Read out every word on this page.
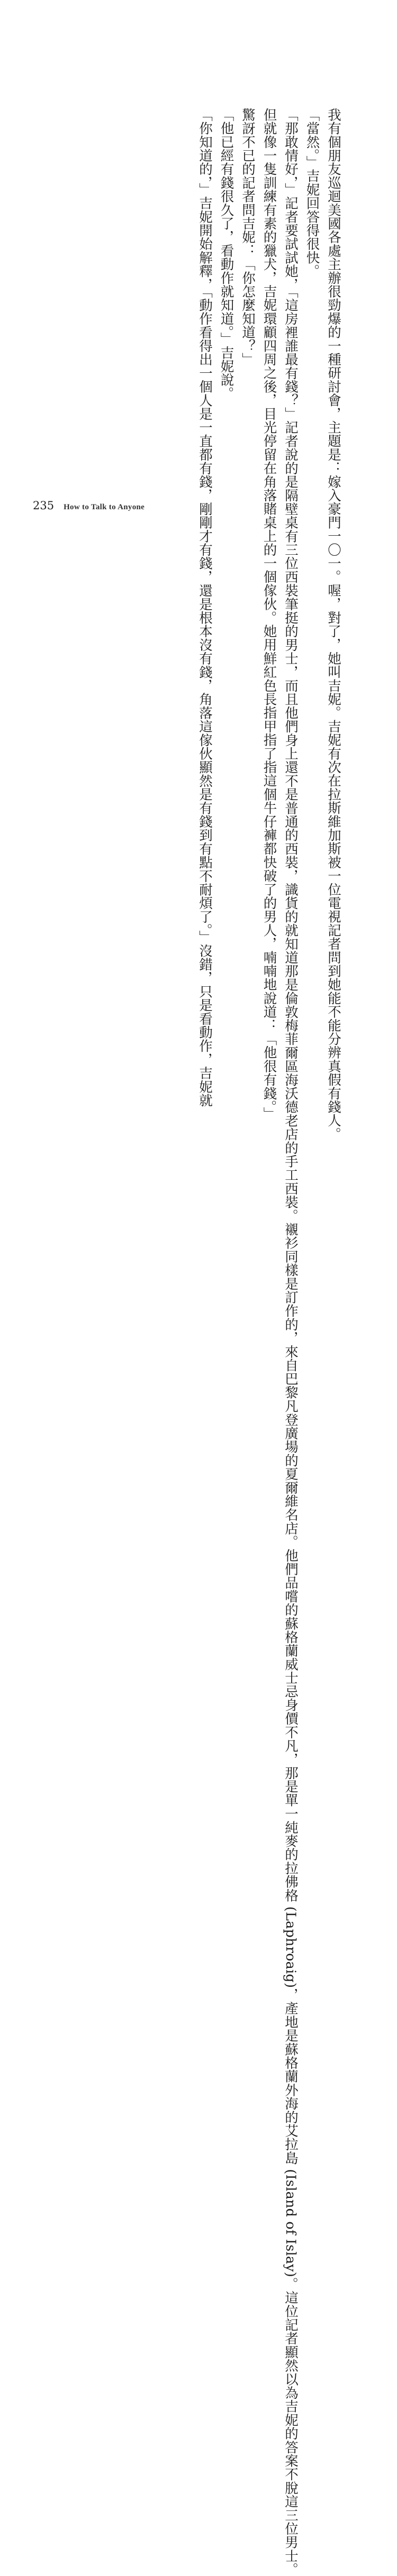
我有個朋友巡迴美國各處主辦很勁爆的一種研討會，主題是：嫁入豪門一〇一。喔，對了，她叫吉妮。吉妮有次在拉斯維加斯被一位電視記者問到她能不能分辨真假有錢人。

「當然。」吉妮回答得很快。

「那敢情好，」記者要試試她，「這房裡誰最有錢？」記者說的是隔壁桌有三位西裝筆挺的男士，而且他們身上還不是普通的西裝，識貨的就知道那是倫敦梅菲爾區海沃德老店的手工西裝。襯衫同樣是訂作的，來自巴黎凡登廣場的夏爾維名店。他們品嚐的蘇格蘭威士忌身價不凡，那是單一純麥的拉佛格 (Laphroaig)，產地是蘇格蘭外海的艾拉島 (Island of Islay)。這位記者顯然以為吉妮的答案不脫這三位男士。

但就像一隻訓練有素的獵犬，吉妮環顧四周之後，目光停留在角落賭桌上的一個傢伙。她用鮮紅色長指甲指了指這個牛仔褲都快破了的男人，喃喃地說道：「他很有錢。」

驚訝不已的記者問吉妮：「你怎麼知道？」

「他已經有錢很久了，看動作就知道。」吉妮說。

「你知道的，」吉妮開始解釋，「動作看得出一個人是一直都有錢，剛剛才有錢，還是根本沒有錢，角落這傢伙顯然是有錢到有點不耐煩了。」沒錯，只是看動作，吉妮就

235 How to Talk to Anyone
